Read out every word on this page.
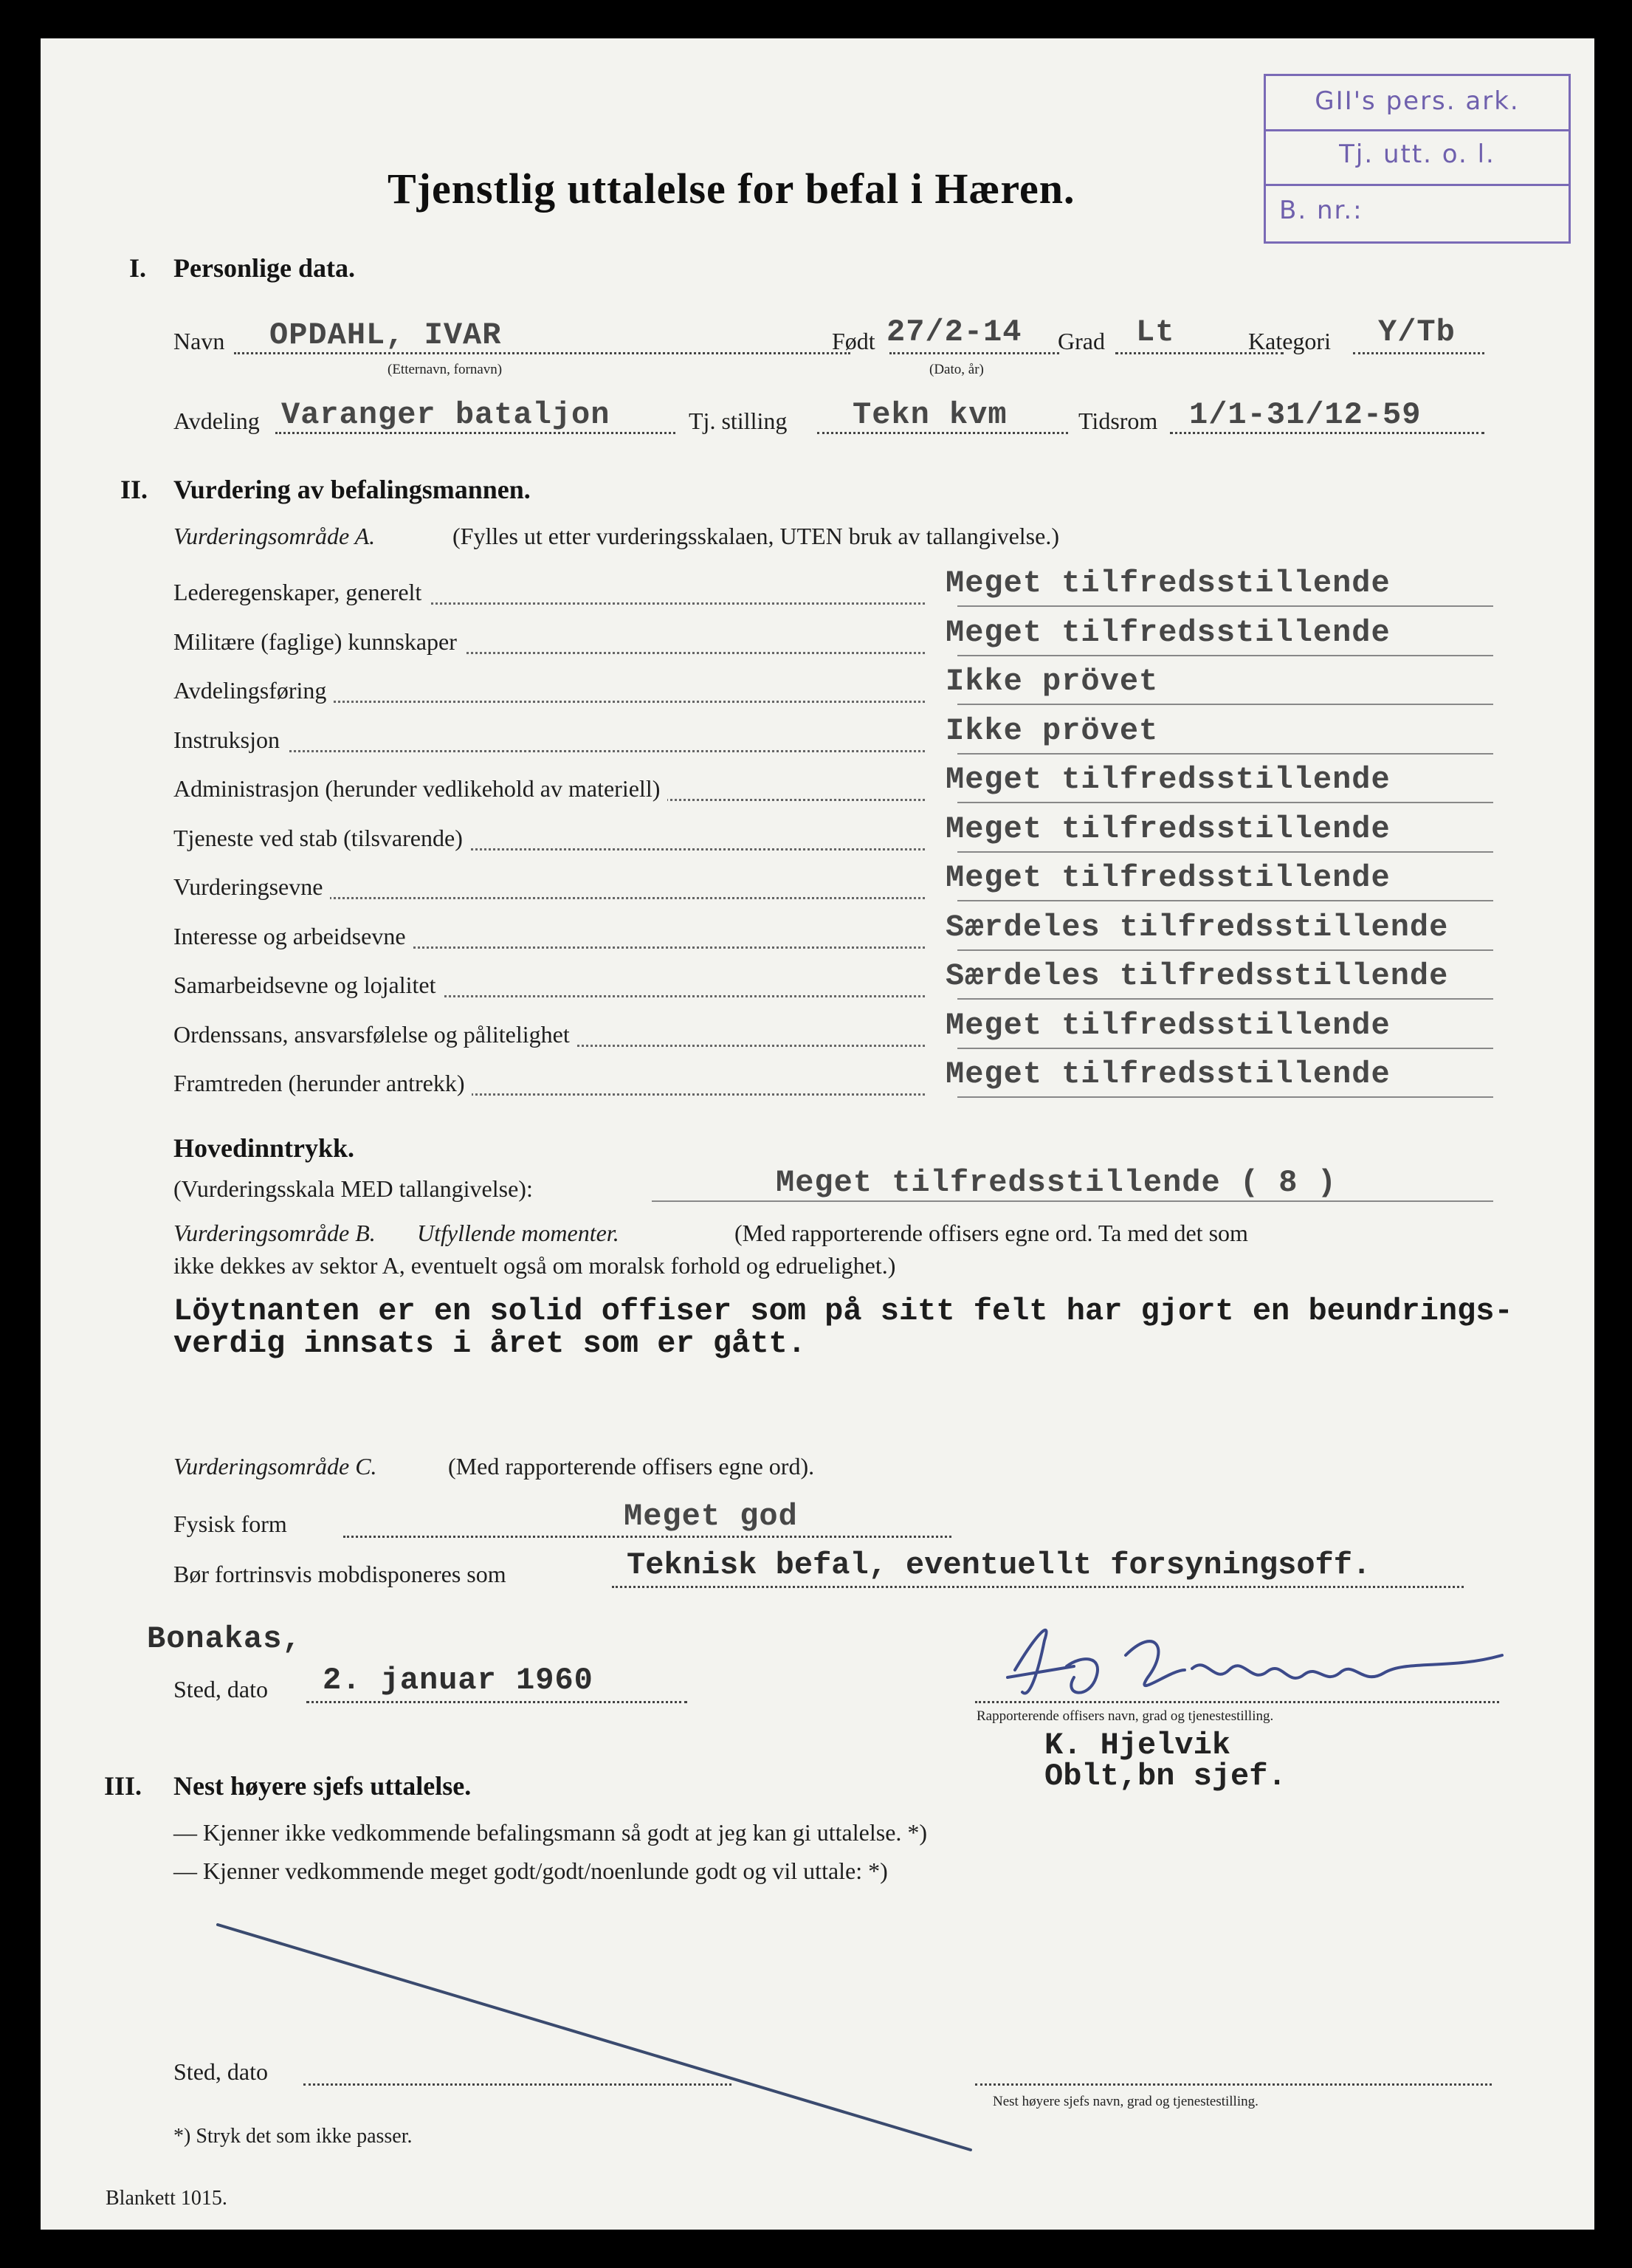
GII's pers. ark.
Tj. utt. o. l.
B. nr.:
Tjenstlig uttalelse for befal i Hæren.
I. Personlige data.
Navn OPDAHL, IVAR
(Etternavn, fornavn)
Født 27/2-14
(Dato, år)
Grad Lt	Kategori Y/Tb
Avdeling Varanger bataljon	Tj. stilling Tekn kvm	Tidsrom 1/1-31/12-59
II. Vurdering av befalingsmannen.
Vurderingsområde A.	(Fylles ut etter vurderingsskalaen, UTEN bruk av tallangivelse.)
Lederegenskaper, generelt	Meget tilfredsstillende
Militære (faglige) kunnskaper	Meget tilfredsstillende
Avdelingsføring	Ikke prövet
Instruksjon	Ikke prövet
Administrasjon (herunder vedlikehold av materiell)	Meget tilfredsstillende
Tjeneste ved stab (tilsvarende)	Meget tilfredsstillende
Vurderingsevne	Meget tilfredsstillende
Interesse og arbeidsevne	Særdeles tilfredsstillende
Samarbeidsevne og lojalitet	Særdeles tilfredsstillende
Ordenssans, ansvarsfølelse og pålitelighet	Meget tilfredsstillende
Framtreden (herunder antrekk)	Meget tilfredsstillende
Hovedinntrykk.
(Vurderingsskala MED tallangivelse):	Meget tilfredsstillende ( 8 )
Vurderingsområde B. Utfyllende momenter.	(Med rapporterende offisers egne ord. Ta med det som
ikke dekkes av sektor A, eventuelt også om moralsk forhold og edruelighet.)
Löytnanten er en solid offiser som på sitt felt har gjort en beundrings-
verdig innsats i året som er gått.
Vurderingsområde C.	(Med rapporterende offisers egne ord).
Fysisk form	Meget god
Bør fortrinsvis mobdisponeres som	Teknisk befal, eventuellt forsyningsoff.
Bonakas,
Sted, dato 2. januar 1960
Rapporterende offisers navn, grad og tjenestestilling.
K. Hjelvik
Oblt,bn sjef.
III. Nest høyere sjefs uttalelse.
— Kjenner ikke vedkommende befalingsmann så godt at jeg kan gi uttalelse. *)
— Kjenner vedkommende meget godt/godt/noenlunde godt og vil uttale: *)
Sted, dato
Nest høyere sjefs navn, grad og tjenestestilling.
*) Stryk det som ikke passer.
Blankett 1015.
